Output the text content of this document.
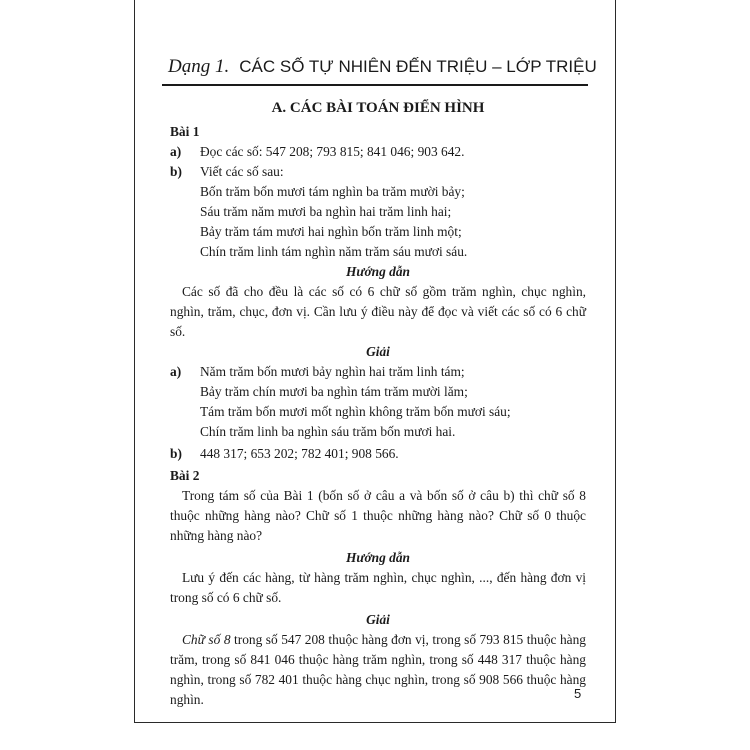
Dạng 1. CÁC SỐ TỰ NHIÊN ĐẾN TRIỆU – LỚP TRIỆU
A. CÁC BÀI TOÁN ĐIỂN HÌNH

Bài 1

a)	Đọc các số: 547 208; 793 815; 841 046; 903 642.
b)	Viết các số sau:
Bốn trăm bốn mươi tám nghìn ba trăm mười bảy;
Sáu trăm năm mươi ba nghìn hai trăm linh hai;
Bảy trăm tám mươi hai nghìn bốn trăm linh một;
Chín trăm linh tám nghìn năm trăm sáu mươi sáu.

Hướng dẫn

Các số đã cho đều là các số có 6 chữ số gồm trăm nghìn, chục nghìn, nghìn, trăm, chục, đơn vị. Cần lưu ý điều này để đọc và viết các số có 6 chữ số.

Giải

a)	Năm trăm bốn mươi bảy nghìn hai trăm linh tám;
Bảy trăm chín mươi ba nghìn tám trăm mười lăm;
Tám trăm bốn mươi mốt nghìn không trăm bốn mươi sáu;
Chín trăm linh ba nghìn sáu trăm bốn mươi hai.
b)	448 317; 653 202; 782 401; 908 566.

Bài 2

Trong tám số của Bài 1 (bốn số ở câu a và bốn số ở câu b) thì chữ số 8 thuộc những hàng nào? Chữ số 1 thuộc những hàng nào? Chữ số 0 thuộc những hàng nào?

Hướng dẫn

Lưu ý đến các hàng, từ hàng trăm nghìn, chục nghìn, ..., đến hàng đơn vị trong số có 6 chữ số.

Giải

Chữ số 8 trong số 547 208 thuộc hàng đơn vị, trong số 793 815 thuộc hàng trăm, trong số 841 046 thuộc hàng trăm nghìn, trong số 448 317 thuộc hàng nghìn, trong số 782 401 thuộc hàng chục nghìn, trong số 908 566 thuộc hàng nghìn.	5
